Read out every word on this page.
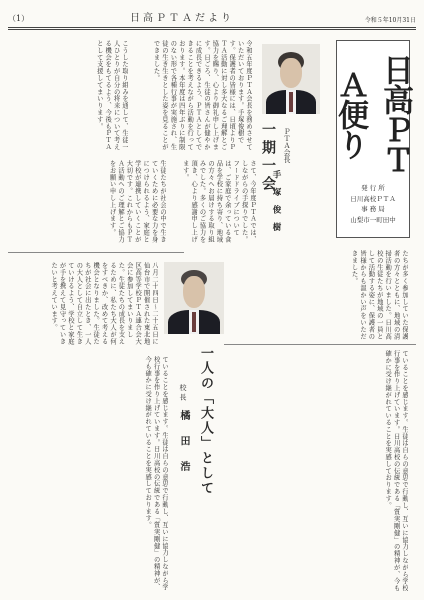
（1）	日高ＰＴＡだより	令和５年10月31日
日高ＰＴＡ便り
発 行 所
日川高校ＰＴＡ
事 務 局
山梨市一町田中
たちが多く参加していた保護者の方々とともに、地域の清掃活動を行いました。日川高校の生徒たちが地域の一員として活動する姿に、保護者の皆様からも温かい声をいただきました。
一期一会 ＰＴＡ会長
手 塚 俊 樹
令和五年度ＰＴＡ会長を務めさせていただいております。手塚俊樹です。保護者の皆様には、日頃よりＰＴＡ活動に対し多大なるご理解とご協力を賜り、心より御礼申し上げます。日ごろ、生徒の皆さんが健やかに成長できるよう、ＰＴＡとしてできることを考えながら活動を行っております。本年度は四年ぶりに制限のない形で各種行事が実施され、生徒の生き生きとした姿を見ることができました。
こうした取り組みを通して、生徒一人ひとりが自分の将来について考える機会をもてるよう、今後もＰＴＡとして支援してまいります。
さて、今年度ＰＴＡでは、しながらの手探りでした。フードドライブについては、ご家庭で余っている食品を学校に持ち寄り、地域の方々へお届けする取り組みでした。多くのご協力を頂き、心より感謝申し上げます。
生徒たちが社会の中で生きていくために必要な力を身につけられるよう、家庭と学校が連携していくことが大切です。これからもＰＴＡ活動へのご理解とご協力をお願い申し上げます。
一人の「大人」として
校 長
橘 田 浩
八月二十四日〜二十五日に仙台市で開催された東北地区高等学校ＰＴＡ連合会大会に参加してまいりました。生徒たちの成長を支えるために、私たち大人が何をすべきか、改めて考える機会となりました。生徒たちが社会に出たとき、一人の大人として自立して生きていけるよう、学校と家庭が手を携えて見守っていきたいと考えています。
ていることを感じます。生徒は自らの意思で行動し、互いに協力しながら学校行事を作り上げています。日川高校の伝統である「質実剛健」の精神が、今も確かに受け継がれていることを実感しております。	ていることを感じます。生徒は自らの意思で行動し、互いに協力しながら学校行事を作り上げています。日川高校の伝統である「質実剛健」の精神が、今も確かに受け継がれていることを実感しております。
